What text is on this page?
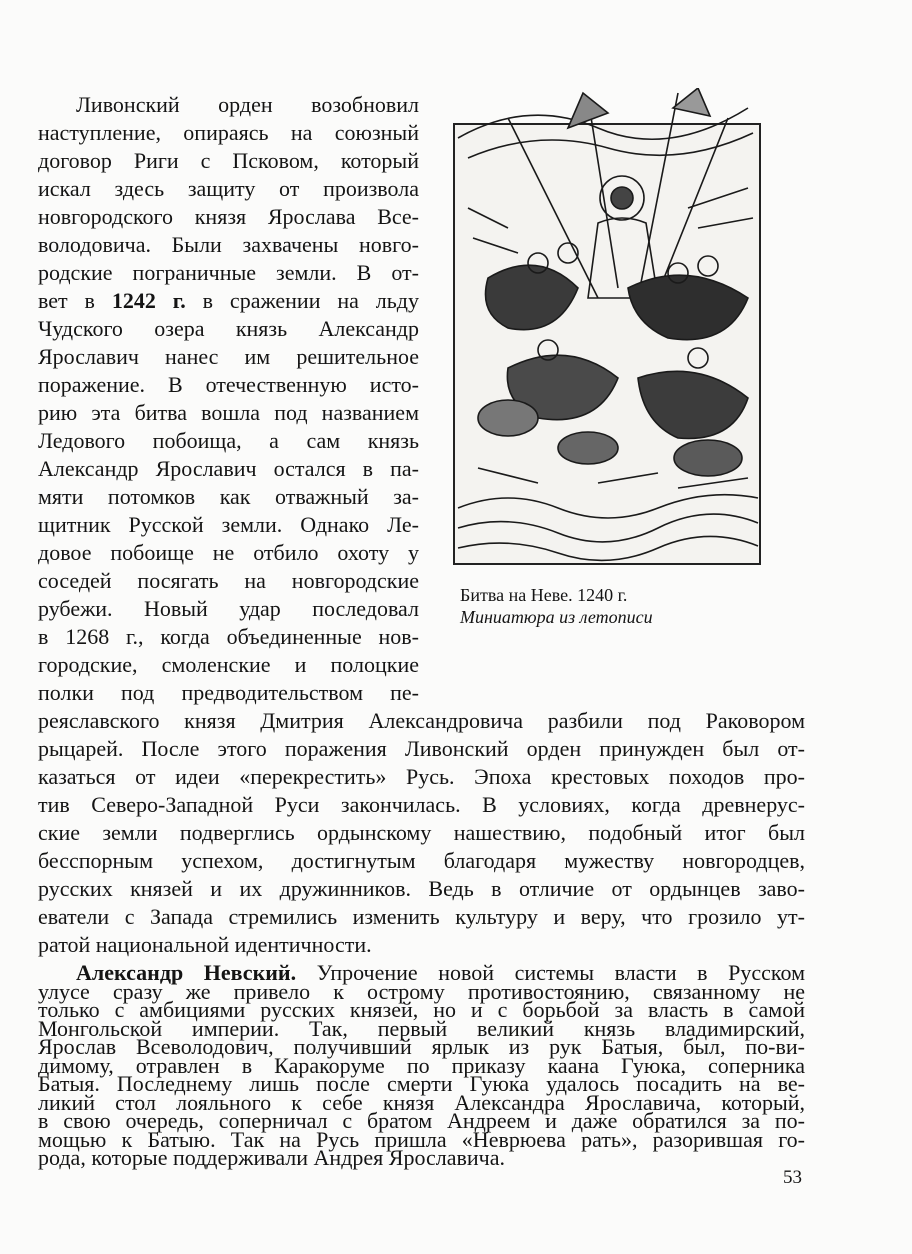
Ливонский орден возобновил

наступление, опираясь на союзный

договор Риги с Псковом, который

искал здесь защиту от произвола

новгородского князя Ярослава Все-

володовича. Были захвачены новго-

родские пограничные земли. В от-

вет в 1242 г. в сражении на льду

Чудского озера князь Александр

Ярославич нанес им решительное

поражение. В отечественную исто-

рию эта битва вошла под названием

Ледового побоища, а сам князь

Александр Ярославич остался в па-

мяти потомков как отважный за-

щитник Русской земли. Однако Ле-

довое побоище не отбило охоту у

соседей посягать на новгородские

рубежи. Новый удар последовал

в 1268 г., когда объединенные нов-

городские, смоленские и полоцкие

полки под предводительством пе-

реяславского князя Дмитрия Александровича разбили под Раковором

рыцарей. После этого поражения Ливонский орден принужден был от-

казаться от идеи «перекрестить» Русь. Эпоха крестовых походов про-

тив Северо-Западной Руси закончилась. В условиях, когда древнерус-

ские земли подверглись ордынскому нашествию, подобный итог был

бесспорным успехом, достигнутым благодаря мужеству новгородцев,

русских князей и их дружинников. Ведь в отличие от ордынцев заво-

еватели с Запада стремились изменить культуру и веру, что грозило ут-

ратой национальной идентичности.

Александр Невский. Упрочение новой системы власти в Русском

улусе сразу же привело к острому противостоянию, связанному не

только с амбициями русских князей, но и с борьбой за власть в самой

Монгольской империи. Так, первый великий князь владимирский,

Ярослав Всеволодович, получивший ярлык из рук Батыя, был, по-ви-

димому, отравлен в Каракоруме по приказу каана Гуюка, соперника

Батыя. Последнему лишь после смерти Гуюка удалось посадить на ве-

ликий стол лояльного к себе князя Александра Ярославича, который,

в свою очередь, соперничал с братом Андреем и даже обратился за по-

мощью к Батыю. Так на Русь пришла «Неврюева рать», разорившая го-

рода, которые поддерживали Андрея Ярославича.

Битва на Неве. 1240 г.
Миниатюра из летописи
53
